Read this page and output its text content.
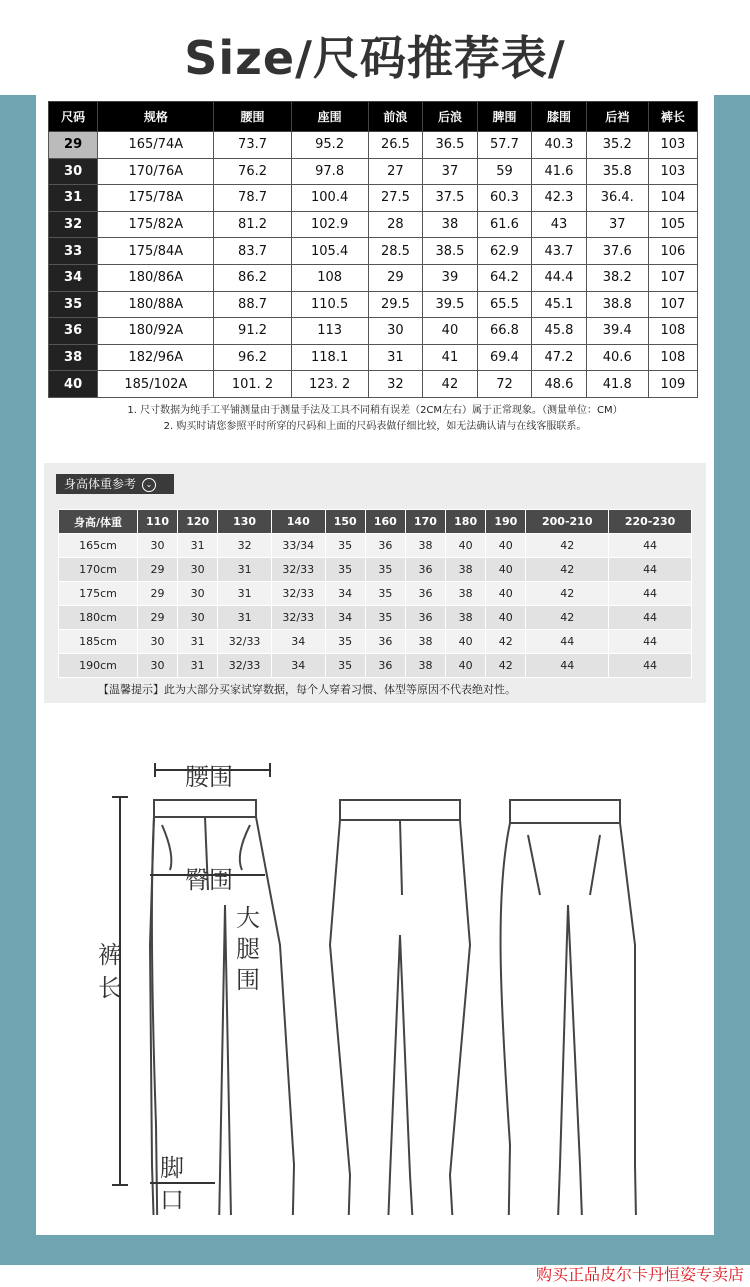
Size/尺码推荐表/
尺码	规格	腰围	座围	前浪	后浪	脾围	膝围	后裆	裤长
29	165/74A	73.7	95.2	26.5	36.5	57.7	40.3	35.2	103
30	170/76A	76.2	97.8	27	37	59	41.6	35.8	103
31	175/78A	78.7	100.4	27.5	37.5	60.3	42.3	36.4.	104
32	175/82A	81.2	102.9	28	38	61.6	43	37	105
33	175/84A	83.7	105.4	28.5	38.5	62.9	43.7	37.6	106
34	180/86A	86.2	108	29	39	64.2	44.4	38.2	107
35	180/88A	88.7	110.5	29.5	39.5	65.5	45.1	38.8	107
36	180/92A	91.2	113	30	40	66.8	45.8	39.4	108
38	182/96A	96.2	118.1	31	41	69.4	47.2	40.6	108
40	185/102A	101. 2	123. 2	32	42	72	48.6	41.8	109
1. 尺寸数据为纯手工平铺测量由于测量手法及工具不同稍有误差（2CM左右）属于正常现象。（测量单位：CM）
2. 购买时请您参照平时所穿的尺码和上面的尺码表做仔细比较，如无法确认请与在线客服联系。
身高体重参考 ⌄
身高/体重	110	120	130	140	150	160	170	180	190	200-210	220-230
165cm	30	31	32	33/34	35	36	38	40	40	42	44
170cm	29	30	31	32/33	35	35	36	38	40	42	44
175cm	29	30	31	32/33	34	35	36	38	40	42	44
180cm	29	30	31	32/33	34	35	36	38	40	42	44
185cm	30	31	32/33	34	35	36	38	40	42	44	44
190cm	30	31	32/33	34	35	36	38	40	42	44	44
【温馨提示】此为大部分买家试穿数据，每个人穿着习惯、体型等原因不代表绝对性。
腰围
臀围
大
腿
围
裤
长
脚
口
购买正品皮尔卡丹恒姿专卖店
